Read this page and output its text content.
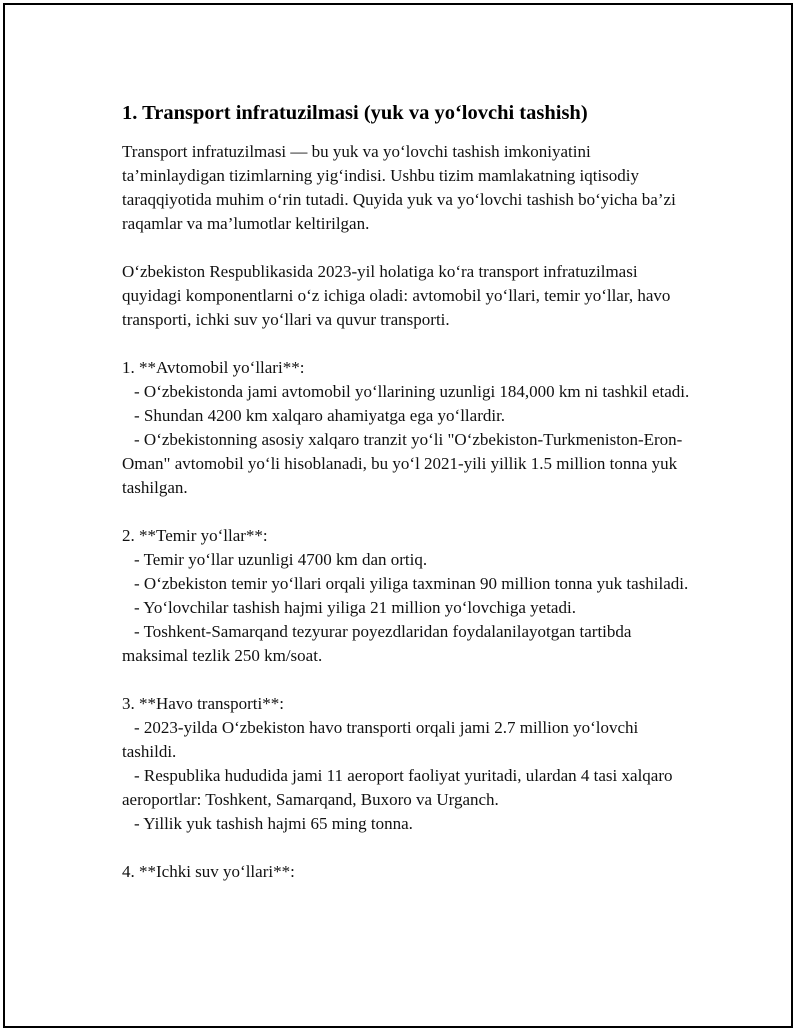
1. Transport infratuzilmasi (yuk va yo‘lovchi tashish)

Transport infratuzilmasi — bu yuk va yo‘lovchi tashish imkoniyatini ta’minlaydigan tizimlarning yig‘indisi. Ushbu tizim mamlakatning iqtisodiy taraqqiyotida muhim o‘rin tutadi. Quyida yuk va yo‘lovchi tashish bo‘yicha ba’zi raqamlar va ma’lumotlar keltirilgan.

O‘zbekiston Respublikasida 2023-yil holatiga ko‘ra transport infratuzilmasi quyidagi komponentlarni o‘z ichiga oladi: avtomobil yo‘llari, temir yo‘llar, havo transporti, ichki suv yo‘llari va quvur transporti.

1. **Avtomobil yo‘llari**:

- O‘zbekistonda jami avtomobil yo‘llarining uzunligi 184,000 km ni tashkil etadi.

- Shundan 4200 km xalqaro ahamiyatga ega yo‘llardir.

- O‘zbekistonning asosiy xalqaro tranzit yo‘li "O‘zbekiston-Turkmeniston-Eron-Oman" avtomobil yo‘li hisoblanadi, bu yo‘l 2021-yili yillik 1.5 million tonna yuk tashilgan.

2. **Temir yo‘llar**:

- Temir yo‘llar uzunligi 4700 km dan ortiq.

- O‘zbekiston temir yo‘llari orqali yiliga taxminan 90 million tonna yuk tashiladi.

- Yo‘lovchilar tashish hajmi yiliga 21 million yo‘lovchiga yetadi.

- Toshkent-Samarqand tezyurar poyezdlaridan foydalanilayotgan tartibda maksimal tezlik 250 km/soat.

3. **Havo transporti**:

- 2023-yilda O‘zbekiston havo transporti orqali jami 2.7 million yo‘lovchi tashildi.

- Respublika hududida jami 11 aeroport faoliyat yuritadi, ulardan 4 tasi xalqaro aeroportlar: Toshkent, Samarqand, Buxoro va Urganch.

- Yillik yuk tashish hajmi 65 ming tonna.

4. **Ichki suv yo‘llari**:
